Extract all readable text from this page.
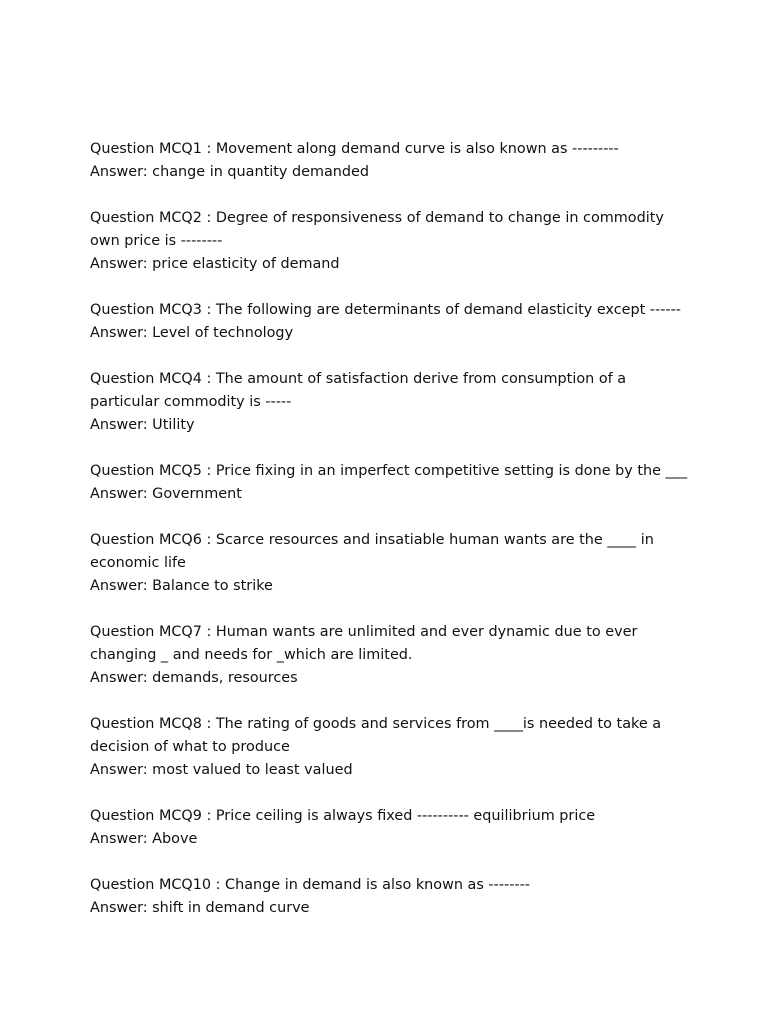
Question MCQ1 : Movement along demand curve is also known as ---------

Answer: change in quantity demanded

Question MCQ2 : Degree of responsiveness of demand to change in commodity own price is --------

Answer: price elasticity of demand

Question MCQ3 : The following are determinants of demand elasticity except ------

Answer: Level of technology

Question MCQ4 : The amount of satisfaction derive from consumption of a particular commodity is -----

Answer: Utility

Question MCQ5 : Price fixing in an imperfect competitive setting is done by the ___

Answer: Government

Question MCQ6 : Scarce resources and insatiable human wants are the ____ in economic life

Answer: Balance to strike

Question MCQ7 : Human wants are unlimited and ever dynamic due to ever changing _ and needs for _which are limited.

Answer: demands, resources

Question MCQ8 : The rating of goods and services from ____is needed to take a decision of what to produce

Answer: most valued to least valued

Question MCQ9 : Price ceiling is always fixed ---------- equilibrium price

Answer: Above

Question MCQ10 : Change in demand is also known as --------

Answer: shift in demand curve
